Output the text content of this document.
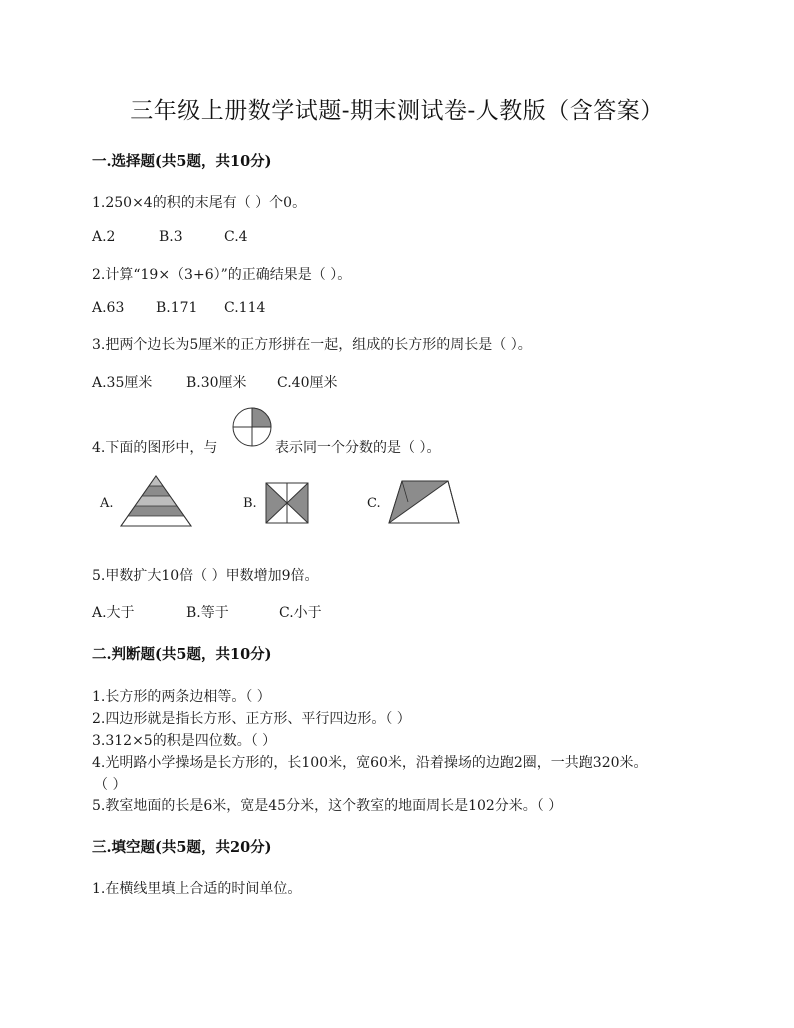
三年级上册数学试题-期末测试卷-人教版（含答案）
一.选择题(共5题，共10分)
1.250×4的积的末尾有（ ）个0。
A.2	B.3	C.4
2.计算“19×（3+6）”的正确结果是（ ）。
A.63 B.171 C.114
3.把两个边长为5厘米的正方形拼在一起，组成的长方形的周长是（ ）。
A.35厘米 B.30厘米 C.40厘米
4.下面的图形中，与	表示同一个分数的是（ ）。
A.	B.	C.
5.甲数扩大10倍（ ）甲数增加9倍。
A.大于	B.等于	C.小于
二.判断题(共5题，共10分)
1.长方形的两条边相等。（ ）
2.四边形就是指长方形、正方形、平行四边形。（ ）
3.312×5的积是四位数。（ ）
4.光明路小学操场是长方形的，长100米，宽60米，沿着操场的边跑2圈，一共跑320米。
（ ）
5.教室地面的长是6米，宽是45分米，这个教室的地面周长是102分米。（ ）
三.填空题(共5题，共20分)
1.在横线里填上合适的时间单位。
